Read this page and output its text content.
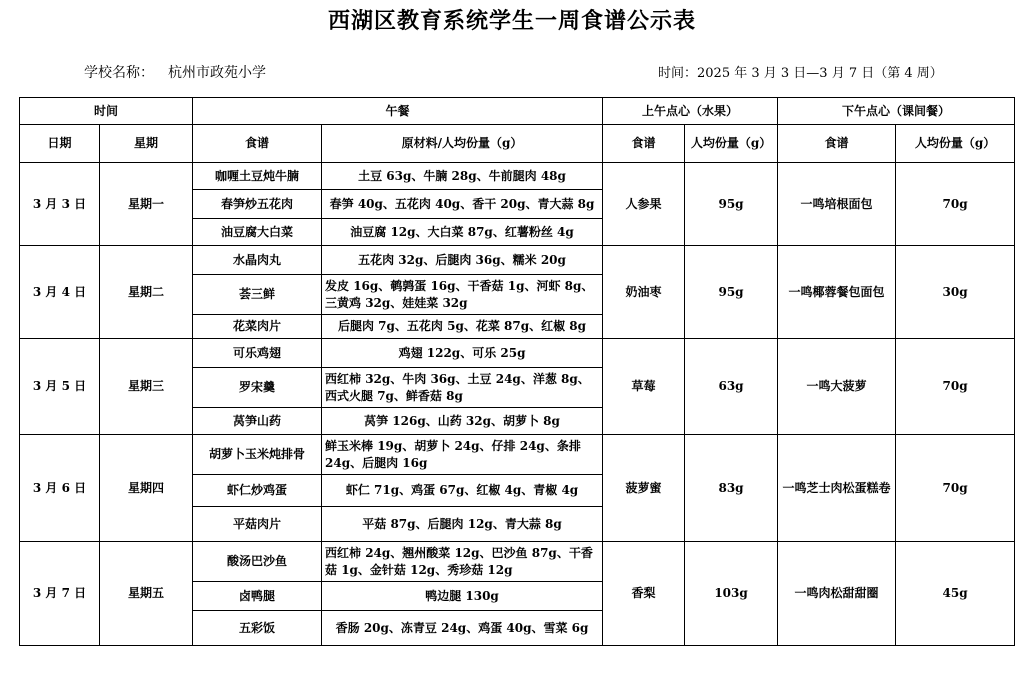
西湖区教育系统学生一周食谱公示表
学校名称： 杭州市政苑小学	时间：2025 年 3 月 3 日—3 月 7 日（第 4 周）
时间		午餐		上午点心（水果）		下午点心（课间餐）	
日期	星期	食谱	原材料/人均份量（g）	食谱	人均份量（g）	食谱	人均份量（g）
3 月 3 日	星期一	咖喱土豆炖牛腩	土豆 63g、牛腩 28g、牛前腿肉 48g	人参果	95g	一鸣培根面包	70g
		春笋炒五花肉	春笋 40g、五花肉 40g、香干 20g、青大蒜 8g				
		油豆腐大白菜	油豆腐 12g、大白菜 87g、红薯粉丝 4g				
3 月 4 日	星期二	水晶肉丸	五花肉 32g、后腿肉 36g、糯米 20g	奶油枣	95g	一鸣椰蓉餐包面包	30g
		荟三鲜	发皮 16g、鹌鹑蛋 16g、干香菇 1g、河虾 8g、三黄鸡 32g、娃娃菜 32g				
		花菜肉片	后腿肉 7g、五花肉 5g、花菜 87g、红椒 8g				
3 月 5 日	星期三	可乐鸡翅	鸡翅 122g、可乐 25g	草莓	63g	一鸣大菠萝	70g
		罗宋羹	西红柿 32g、牛肉 36g、土豆 24g、洋葱 8g、西式火腿 7g、鲜香菇 8g				
		莴笋山药	莴笋 126g、山药 32g、胡萝卜 8g				
3 月 6 日	星期四	胡萝卜玉米炖排骨	鲜玉米棒 19g、胡萝卜 24g、仔排 24g、条排 24g、后腿肉 16g	菠萝蜜	83g	一鸣芝士肉松蛋糕卷	70g
		虾仁炒鸡蛋	虾仁 71g、鸡蛋 67g、红椒 4g、青椒 4g				
		平菇肉片	平菇 87g、后腿肉 12g、青大蒜 8g				
3 月 7 日	星期五	酸汤巴沙鱼	西红柿 24g、翘州酸菜 12g、巴沙鱼 87g、干香菇 1g、金针菇 12g、秀珍菇 12g	香梨	103g	一鸣肉松甜甜圈	45g
		卤鸭腿	鸭边腿 130g				
		五彩饭	香肠 20g、冻青豆 24g、鸡蛋 40g、雪菜 6g				
